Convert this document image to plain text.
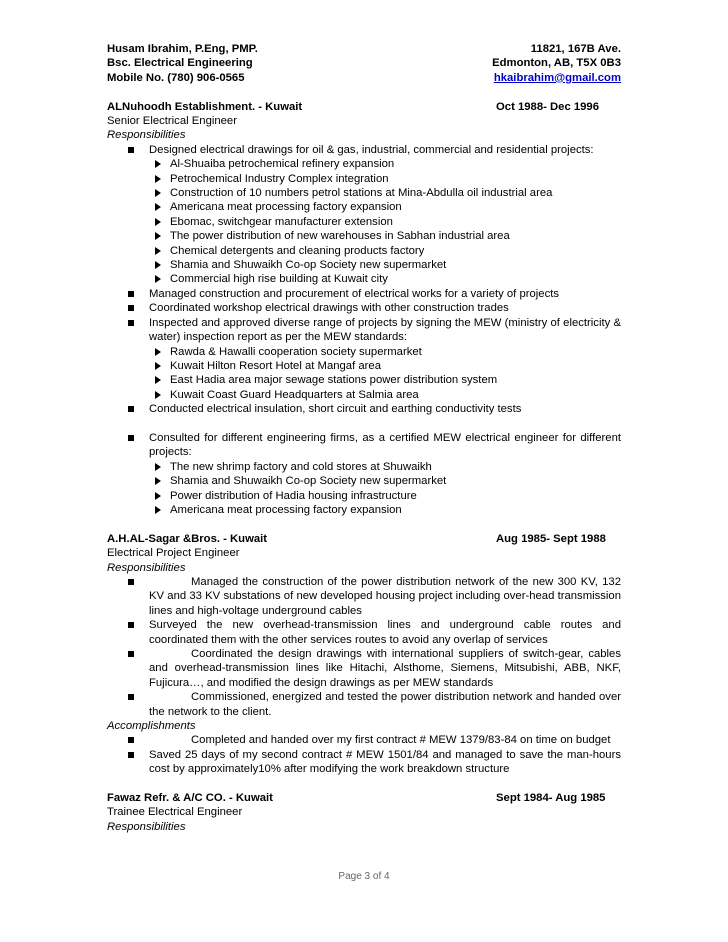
Husam Ibrahim, P.Eng, PMP.	11821, 167B Ave.
Bsc. Electrical Engineering	Edmonton, AB, T5X 0B3
Mobile No. (780) 906-0565	hkaibrahim@gmail.com
ALNuhoodh Establishment. - Kuwait	Oct 1988- Dec 1996
Senior Electrical Engineer
Responsibilities
Designed electrical drawings for oil & gas, industrial, commercial and residential projects:
Al-Shuaiba petrochemical refinery expansion
Petrochemical Industry Complex integration
Construction of 10 numbers petrol stations at Mina-Abdulla oil industrial area
Americana meat processing factory expansion
Ebomac, switchgear manufacturer extension
The power distribution of new warehouses in Sabhan industrial area
Chemical detergents and cleaning products factory
Shamia and Shuwaikh Co-op Society new supermarket
Commercial high rise building at Kuwait city
Managed construction and procurement of electrical works for a variety of projects
Coordinated workshop electrical drawings with other construction trades
Inspected and approved diverse range of projects by signing the MEW (ministry of electricity & water) inspection report as per the MEW standards:
Rawda & Hawalli cooperation society supermarket
Kuwait Hilton Resort Hotel at Mangaf area
East Hadia area major sewage stations power distribution system
Kuwait Coast Guard Headquarters at Salmia area
Conducted electrical insulation, short circuit and earthing conductivity tests
Consulted for different engineering firms, as a certified MEW electrical engineer for different projects:
The new shrimp factory and cold stores at Shuwaikh
Shamia and Shuwaikh Co-op Society new supermarket
Power distribution of Hadia housing infrastructure
Americana meat processing factory expansion
A.H.AL-Sagar &Bros. - Kuwait	Aug 1985- Sept 1988
Electrical Project Engineer
Responsibilities
Managed the construction of the power distribution network of the new 300 KV, 132 KV and 33 KV substations of new developed housing project including over-head transmission lines and high-voltage underground cables
Surveyed the new overhead-transmission lines and underground cable routes and coordinated them with the other services routes to avoid any overlap of services
Coordinated the design drawings with international suppliers of switch-gear, cables and overhead-transmission lines like Hitachi, Alsthome, Siemens, Mitsubishi, ABB, NKF, Fujicura…, and modified the design drawings as per MEW standards
Commissioned, energized and tested the power distribution network and handed over the network to the client.
Accomplishments
Completed and handed over my first contract # MEW 1379/83-84 on time on budget
Saved 25 days of my second contract # MEW 1501/84 and managed to save the man-hours cost by approximately10% after modifying the work breakdown structure
Fawaz Refr. & A/C CO. - Kuwait	Sept 1984- Aug 1985
Trainee Electrical Engineer
Responsibilities
Page 3 of 4
